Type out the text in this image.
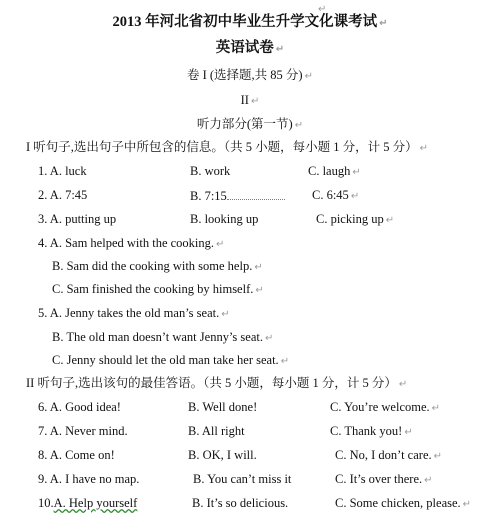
↵
2013 年河北省初中毕业生升学文化课考试 ↵
英语试卷 ↵
卷 I (选择题,共 85 分) ↵
II ↵
听力部分(第一节) ↵
I 听句子,选出句子中所包含的信息。（共 5 小题，每小题 1 分，计 5 分） ↵
1. A. luck	B. work	C. laugh ↵
2. A. 7:45	B. 7:15	C. 6:45 ↵
3. A. putting up	B. looking up	C. picking up ↵
4. A. Sam helped with the cooking. ↵
B. Sam did the cooking with some help. ↵
C. Sam finished the cooking by himself. ↵
5. A. Jenny takes the old man’s seat. ↵
B. The old man doesn’t want Jenny’s seat. ↵
C. Jenny should let the old man take her seat. ↵
II 听句子,选出该句的最佳答语。（共 5 小题，每小题 1 分，计 5 分） ↵
6. A. Good idea!	B. Well done!	C. You’re welcome. ↵
7. A. Never mind.	B. All right	C. Thank you! ↵
8. A. Come on!	B. OK, I will.	C. No, I don’t care. ↵
9. A. I have no map.	B. You can’t miss it	C. It’s over there. ↵
10.A. Help yourself	B. It’s so delicious.	C. Some chicken, please. ↵
